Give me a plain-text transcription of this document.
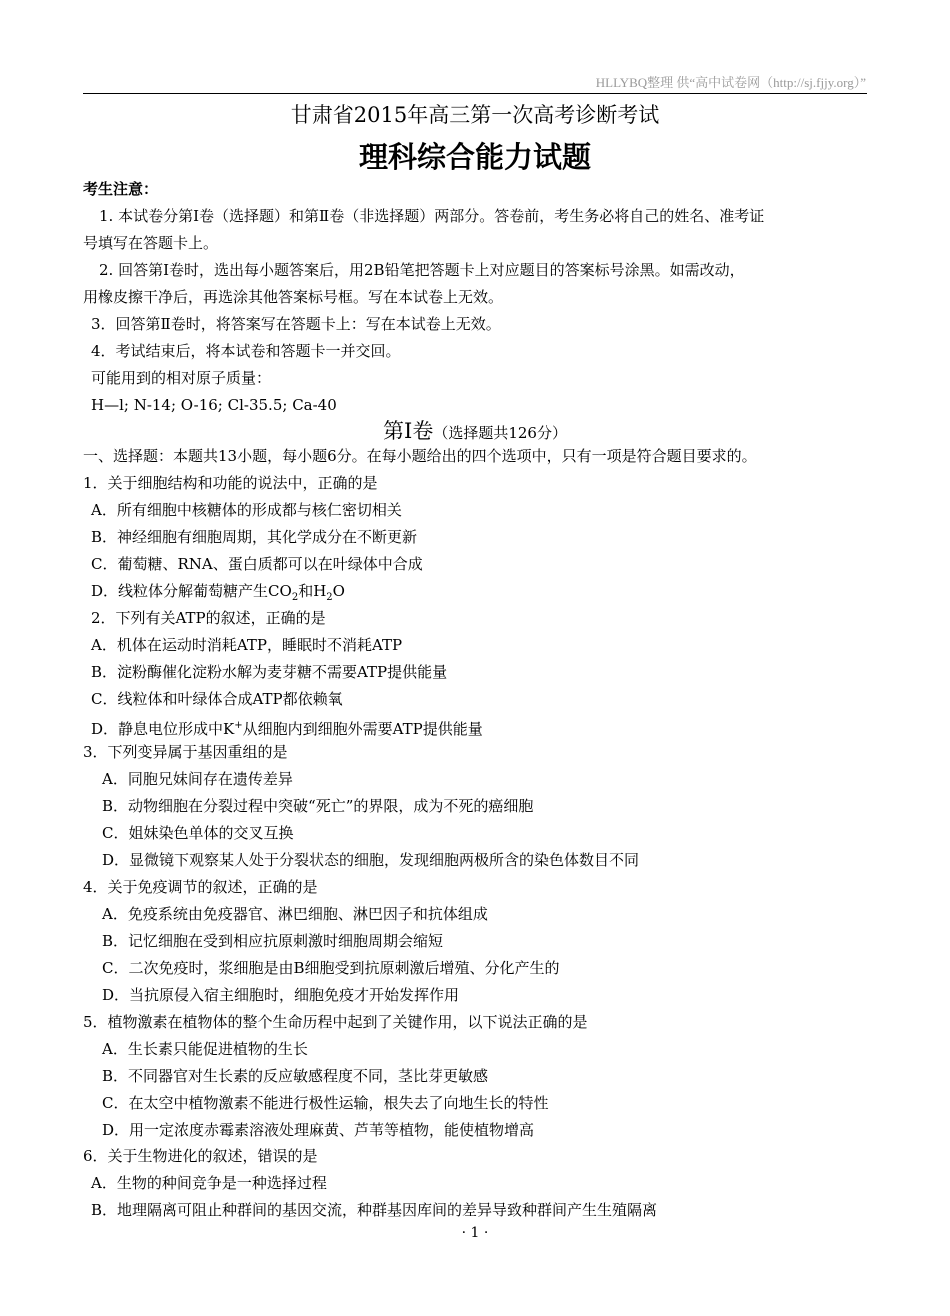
HLLYBQ整理 供“高中试卷网（http://sj.fjjy.org）”
甘肃省2015年高三第一次高考诊断考试
理科综合能力试题
考生注意：
1. 本试卷分第Ⅰ卷（选择题）和第Ⅱ卷（非选择题）两部分。答卷前，考生务必将自己的姓名、准考证
号填写在答题卡上。
2. 回答第Ⅰ卷时，选出每小题答案后，用2B铅笔把答题卡上对应题目的答案标号涂黑。如需改动，
用橡皮擦干净后，再选涂其他答案标号框。写在本试卷上无效。
3．回答第Ⅱ卷时，将答案写在答题卡上：写在本试卷上无效。
4．考试结束后，将本试卷和答题卡一并交回。
可能用到的相对原子质量：
H—l; N-14; O-16; Cl-35.5; Ca-40
第Ⅰ卷（选择题共126分）
一、选择题：本题共13小题，每小题6分。在每小题给出的四个选项中，只有一项是符合题目要求的。
1．关于细胞结构和功能的说法中，正确的是
A．所有细胞中核糖体的形成都与核仁密切相关
B．神经细胞有细胞周期，其化学成分在不断更新
C．葡萄糖、RNA、蛋白质都可以在叶绿体中合成
D．线粒体分解葡萄糖产生$CO_2$和$H_2O$
2．下列有关ATP的叙述，正确的是
A．机体在运动时消耗ATP，睡眠时不消耗ATP
B．淀粉酶催化淀粉水解为麦芽糖不需要ATP提供能量
C．线粒体和叶绿体合成ATP都依赖氧
D．静息电位形成中K+从细胞内到细胞外需要ATP提供能量
3．下列变异属于基因重组的是
A．同胞兄妹间存在遗传差异
B．动物细胞在分裂过程中突破“死亡”的界限，成为不死的癌细胞
C．姐妹染色单体的交叉互换
D．显微镜下观察某人处于分裂状态的细胞，发现细胞两极所含的染色体数目不同
4．关于免疫调节的叙述，正确的是
A．免疫系统由免疫器官、淋巴细胞、淋巴因子和抗体组成
B．记忆细胞在受到相应抗原刺激时细胞周期会缩短
C．二次免疫时，浆细胞是由B细胞受到抗原刺激后增殖、分化产生的
D．当抗原侵入宿主细胞时，细胞免疫才开始发挥作用
5．植物激素在植物体的整个生命历程中起到了关键作用，以下说法正确的是
A．生长素只能促进植物的生长
B．不同器官对生长素的反应敏感程度不同，茎比芽更敏感
C．在太空中植物激素不能进行极性运输，根失去了向地生长的特性
D．用一定浓度赤霉素溶液处理麻黄、芦苇等植物，能使植物增高
6．关于生物进化的叙述，错误的是
A．生物的种间竞争是一种选择过程
B．地理隔离可阻止种群间的基因交流，种群基因库间的差异导致种群间产生生殖隔离
· 1 ·
